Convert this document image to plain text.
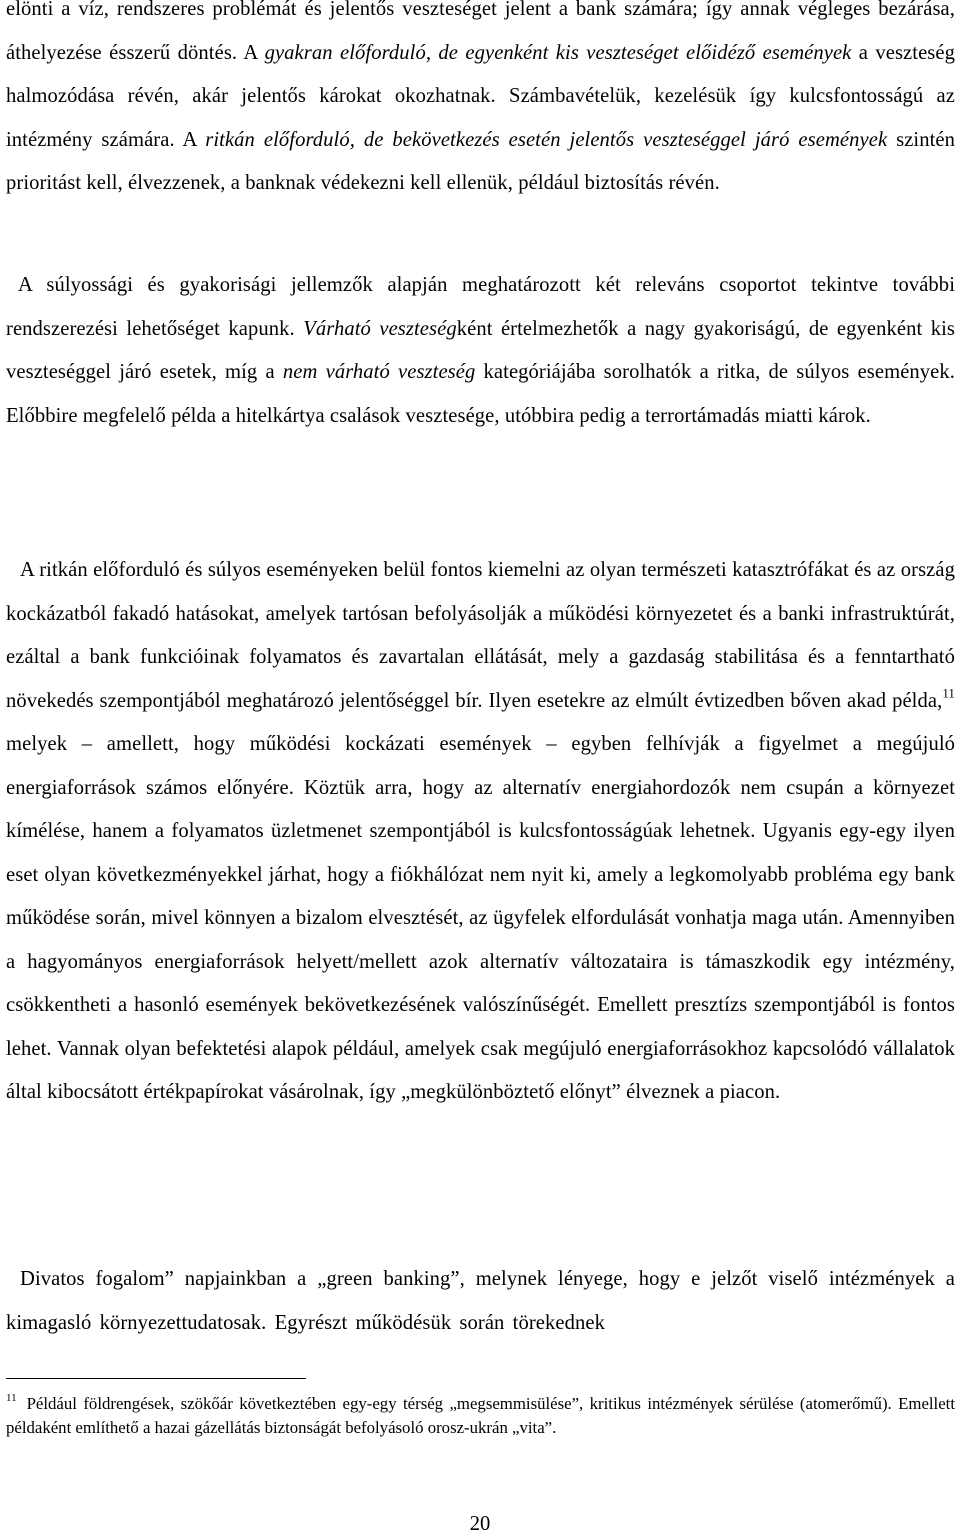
elönti a víz, rendszeres problémát és jelentős veszteséget jelent a bank számára; így annak végleges bezárása, áthelyezése ésszerű döntés. A gyakran előforduló, de egyenként kis veszteséget előidéző események a veszteség halmozódása révén, akár jelentős károkat okozhatnak. Számbavételük, kezelésük így kulcsfontosságú az intézmény számára. A ritkán előforduló, de bekövetkezés esetén jelentős veszteséggel járó események szintén prioritást kell, élvezzenek, a banknak védekezni kell ellenük, például biztosítás révén.

A súlyossági és gyakorisági jellemzők alapján meghatározott két releváns csoportot tekintve további rendszerezési lehetőséget kapunk. Várható veszteségként értelmezhetők a nagy gyakoriságú, de egyenként kis veszteséggel járó esetek, míg a nem várható veszteség kategóriájába sorolhatók a ritka, de súlyos események. Előbbire megfelelő példa a hitelkártya csalások vesztesége, utóbbira pedig a terrortámadás miatti károk.

A ritkán előforduló és súlyos eseményeken belül fontos kiemelni az olyan természeti katasztrófákat és az ország kockázatból fakadó hatásokat, amelyek tartósan befolyásolják a működési környezetet és a banki infrastruktúrát, ezáltal a bank funkcióinak folyamatos és zavartalan ellátását, mely a gazdaság stabilitása és a fenntartható növekedés szempontjából meghatározó jelentőséggel bír. Ilyen esetekre az elmúlt évtizedben bőven akad példa,$^{11}$ melyek – amellett, hogy működési kockázati események – egyben felhívják a figyelmet a megújuló energiaforrások számos előnyére. Köztük arra, hogy az alternatív energiahordozók nem csupán a környezet kímélése, hanem a folyamatos üzletmenet szempontjából is kulcsfontosságúak lehetnek. Ugyanis egy-egy ilyen eset olyan következményekkel járhat, hogy a fiókhálózat nem nyit ki, amely a legkomolyabb probléma egy bank működése során, mivel könnyen a bizalom elvesztését, az ügyfelek elfordulását vonhatja maga után. Amennyiben a hagyományos energiaforrások helyett/mellett azok alternatív változataira is támaszkodik egy intézmény, csökkentheti a hasonló események bekövetkezésének valószínűségét. Emellett presztízs szempontjából is fontos lehet. Vannak olyan befektetési alapok például, amelyek csak megújuló energiaforrásokhoz kapcsolódó vállalatok által kibocsátott értékpapírokat vásárolnak, így „megkülönböztető előnyt” élveznek a piacon.

Divatos fogalom” napjainkban a „green banking”, melynek lényege, hogy e jelzőt viselő intézmények a kimagasló környezettudatosak. Egyrészt működésük során törekednek

$^{11}$ Például földrengések, szökőár következtében egy-egy térség „megsemmisülése”, kritikus intézmények sérülése (atomerőmű). Emellett példaként említhető a hazai gázellátás biztonságát befolyásoló orosz-ukrán „vita”.
20
